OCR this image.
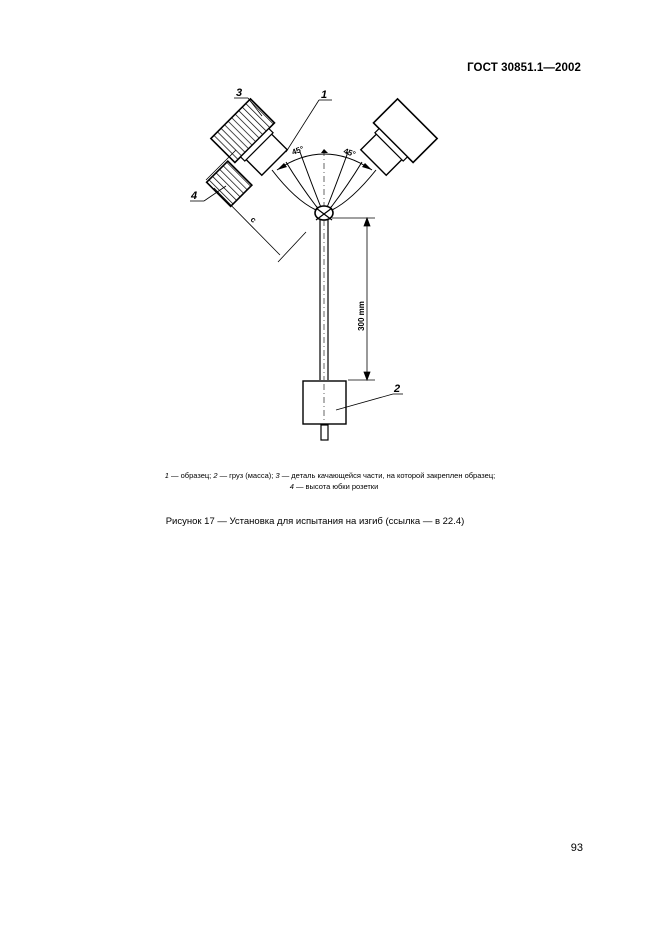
ГОСТ 30851.1—2002
300 mm
с
45°	45°
3	1
4
2
1 — образец; 2 — груз (масса); 3 — деталь качающейся части, на которой закреплен образец;
4 — высота юбки розетки
Рисунок 17 — Установка для испытания на изгиб (ссылка — в 22.4)
93
